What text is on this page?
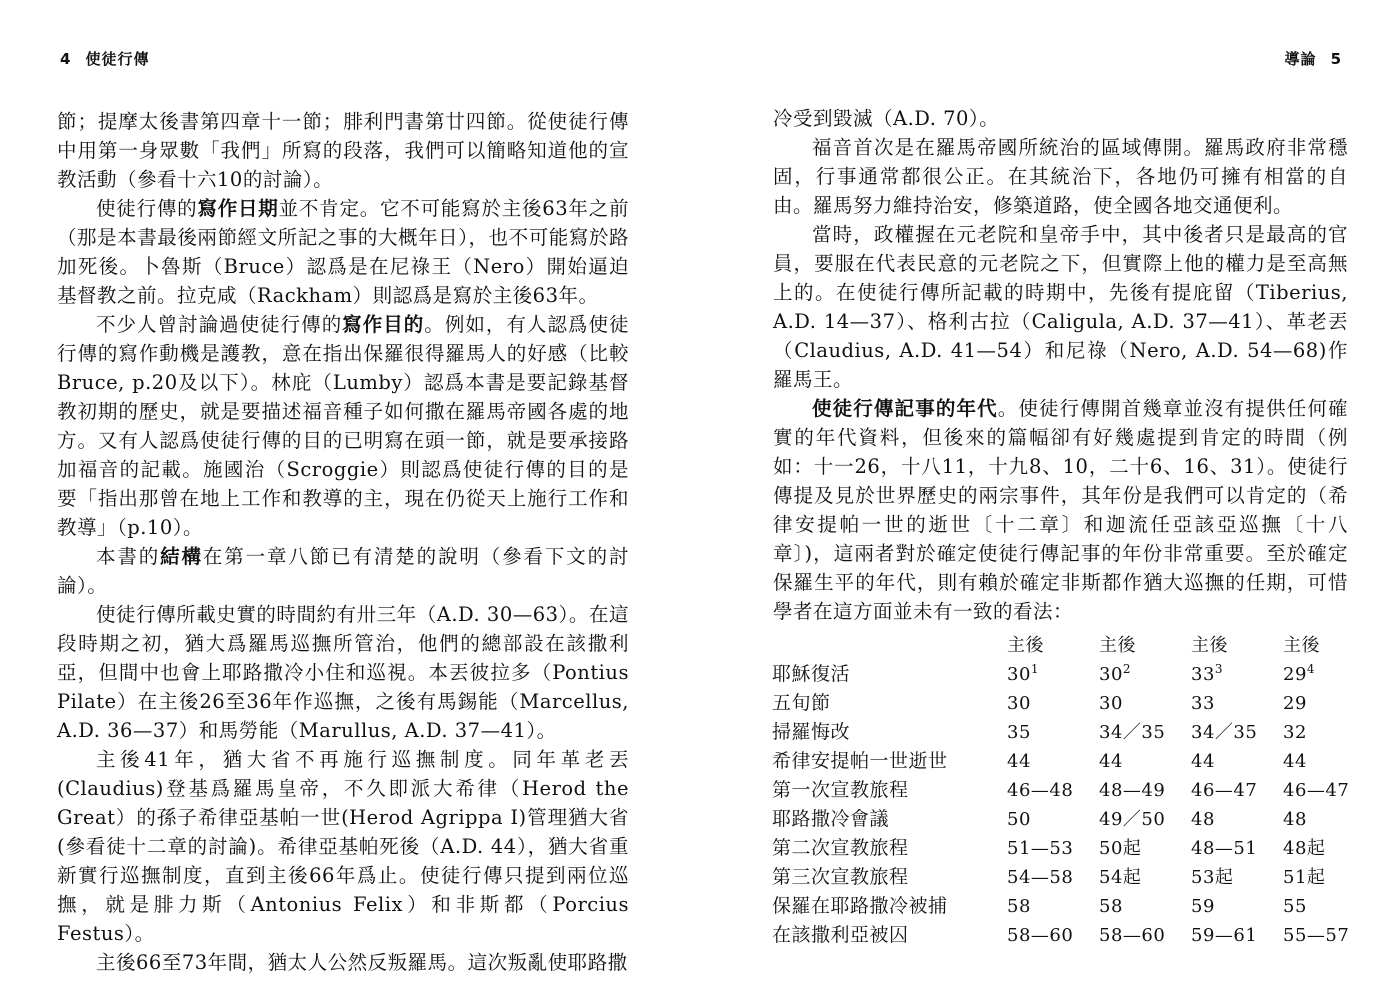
4 使徒行傳

節；提摩太後書第四章十一節；腓利門書第廿四節。從使徒行傳中用第一身眾數「我們」所寫的段落，我們可以簡略知道他的宣教活動（參看十六10的討論）。

使徒行傳的寫作日期並不肯定。它不可能寫於主後63年之前（那是本書最後兩節經文所記之事的大概年日），也不可能寫於路加死後。卜魯斯（Bruce）認爲是在尼祿王（Nero）開始逼迫基督教之前。拉克咸（Rackham）則認爲是寫於主後63年。

不少人曾討論過使徒行傳的寫作目的。例如，有人認爲使徒行傳的寫作動機是護教，意在指出保羅很得羅馬人的好感（比較Bruce, p.20及以下）。林庇（Lumby）認爲本書是要記錄基督教初期的歷史，就是要描述福音種子如何撒在羅馬帝國各處的地方。又有人認爲使徒行傳的目的已明寫在頭一節，就是要承接路加福音的記載。施國治（Scroggie）則認爲使徒行傳的目的是要「指出那曾在地上工作和教導的主，現在仍從天上施行工作和教導」（p.10）。

本書的結構在第一章八節已有清楚的說明（參看下文的討論）。

使徒行傳所載史實的時間約有卅三年（A.D. 30—63）。在這段時期之初，猶大爲羅馬巡撫所管治，他們的總部設在該撒利亞，但間中也會上耶路撒冷小住和巡視。本丟彼拉多（Pontius Pilate）在主後26至36年作巡撫，之後有馬錫能（Marcellus, A.D. 36—37）和馬勞能（Marullus, A.D. 37—41）。

主後41年，猶大省不再施行巡撫制度。同年革老丟(Claudius)登基爲羅馬皇帝，不久即派大希律（Herod the Great）的孫子希律亞基帕一世(Herod Agrippa I)管理猶大省(參看徒十二章的討論)。希律亞基帕死後（A.D. 44），猶大省重新實行巡撫制度，直到主後66年爲止。使徒行傳只提到兩位巡撫，就是腓力斯（Antonius Felix）和非斯都（Porcius Festus）。

主後66至73年間，猶太人公然反叛羅馬。這次叛亂使耶路撒

導論 5

冷受到毀滅（A.D. 70）。

福音首次是在羅馬帝國所統治的區域傳開。羅馬政府非常穩固，行事通常都很公正。在其統治下，各地仍可擁有相當的自由。羅馬努力維持治安，修築道路，使全國各地交通便利。

當時，政權握在元老院和皇帝手中，其中後者只是最高的官員，要服在代表民意的元老院之下，但實際上他的權力是至高無上的。在使徒行傳所記載的時期中，先後有提庇留（Tiberius, A.D. 14—37）、格利古拉（Caligula, A.D. 37—41）、革老丟（Claudius, A.D. 41—54）和尼祿（Nero, A.D. 54—68)作羅馬王。

使徒行傳記事的年代。使徒行傳開首幾章並沒有提供任何確實的年代資料，但後來的篇幅卻有好幾處提到肯定的時間（例如：十一26，十八11，十九8、10，二十6、16、31）。使徒行傳提及見於世界歷史的兩宗事件，其年份是我們可以肯定的（希律安提帕一世的逝世〔十二章〕和迦流任亞該亞巡撫〔十八章〕)，這兩者對於確定使徒行傳記事的年份非常重要。至於確定保羅生平的年代，則有賴於確定非斯都作猶大巡撫的任期，可惜學者在這方面並未有一致的看法：

	主後	主後	主後	主後
耶穌復活	$30^1$	$30^2$	$33^3$	$29^4$
五旬節	30	30	33	29
掃羅悔改	35	34／35	34／35	32
希律安提帕一世逝世	44	44	44	44
第一次宣教旅程	46—48	48—49	46—47	46—47
耶路撒冷會議	50	49／50	48	48
第二次宣教旅程	51—53	50起	48—51	48起
第三次宣教旅程	54—58	54起	53起	51起
保羅在耶路撒冷被捕	58	58	59	55
在該撒利亞被囚	58—60	58—60	59—61	55—57
